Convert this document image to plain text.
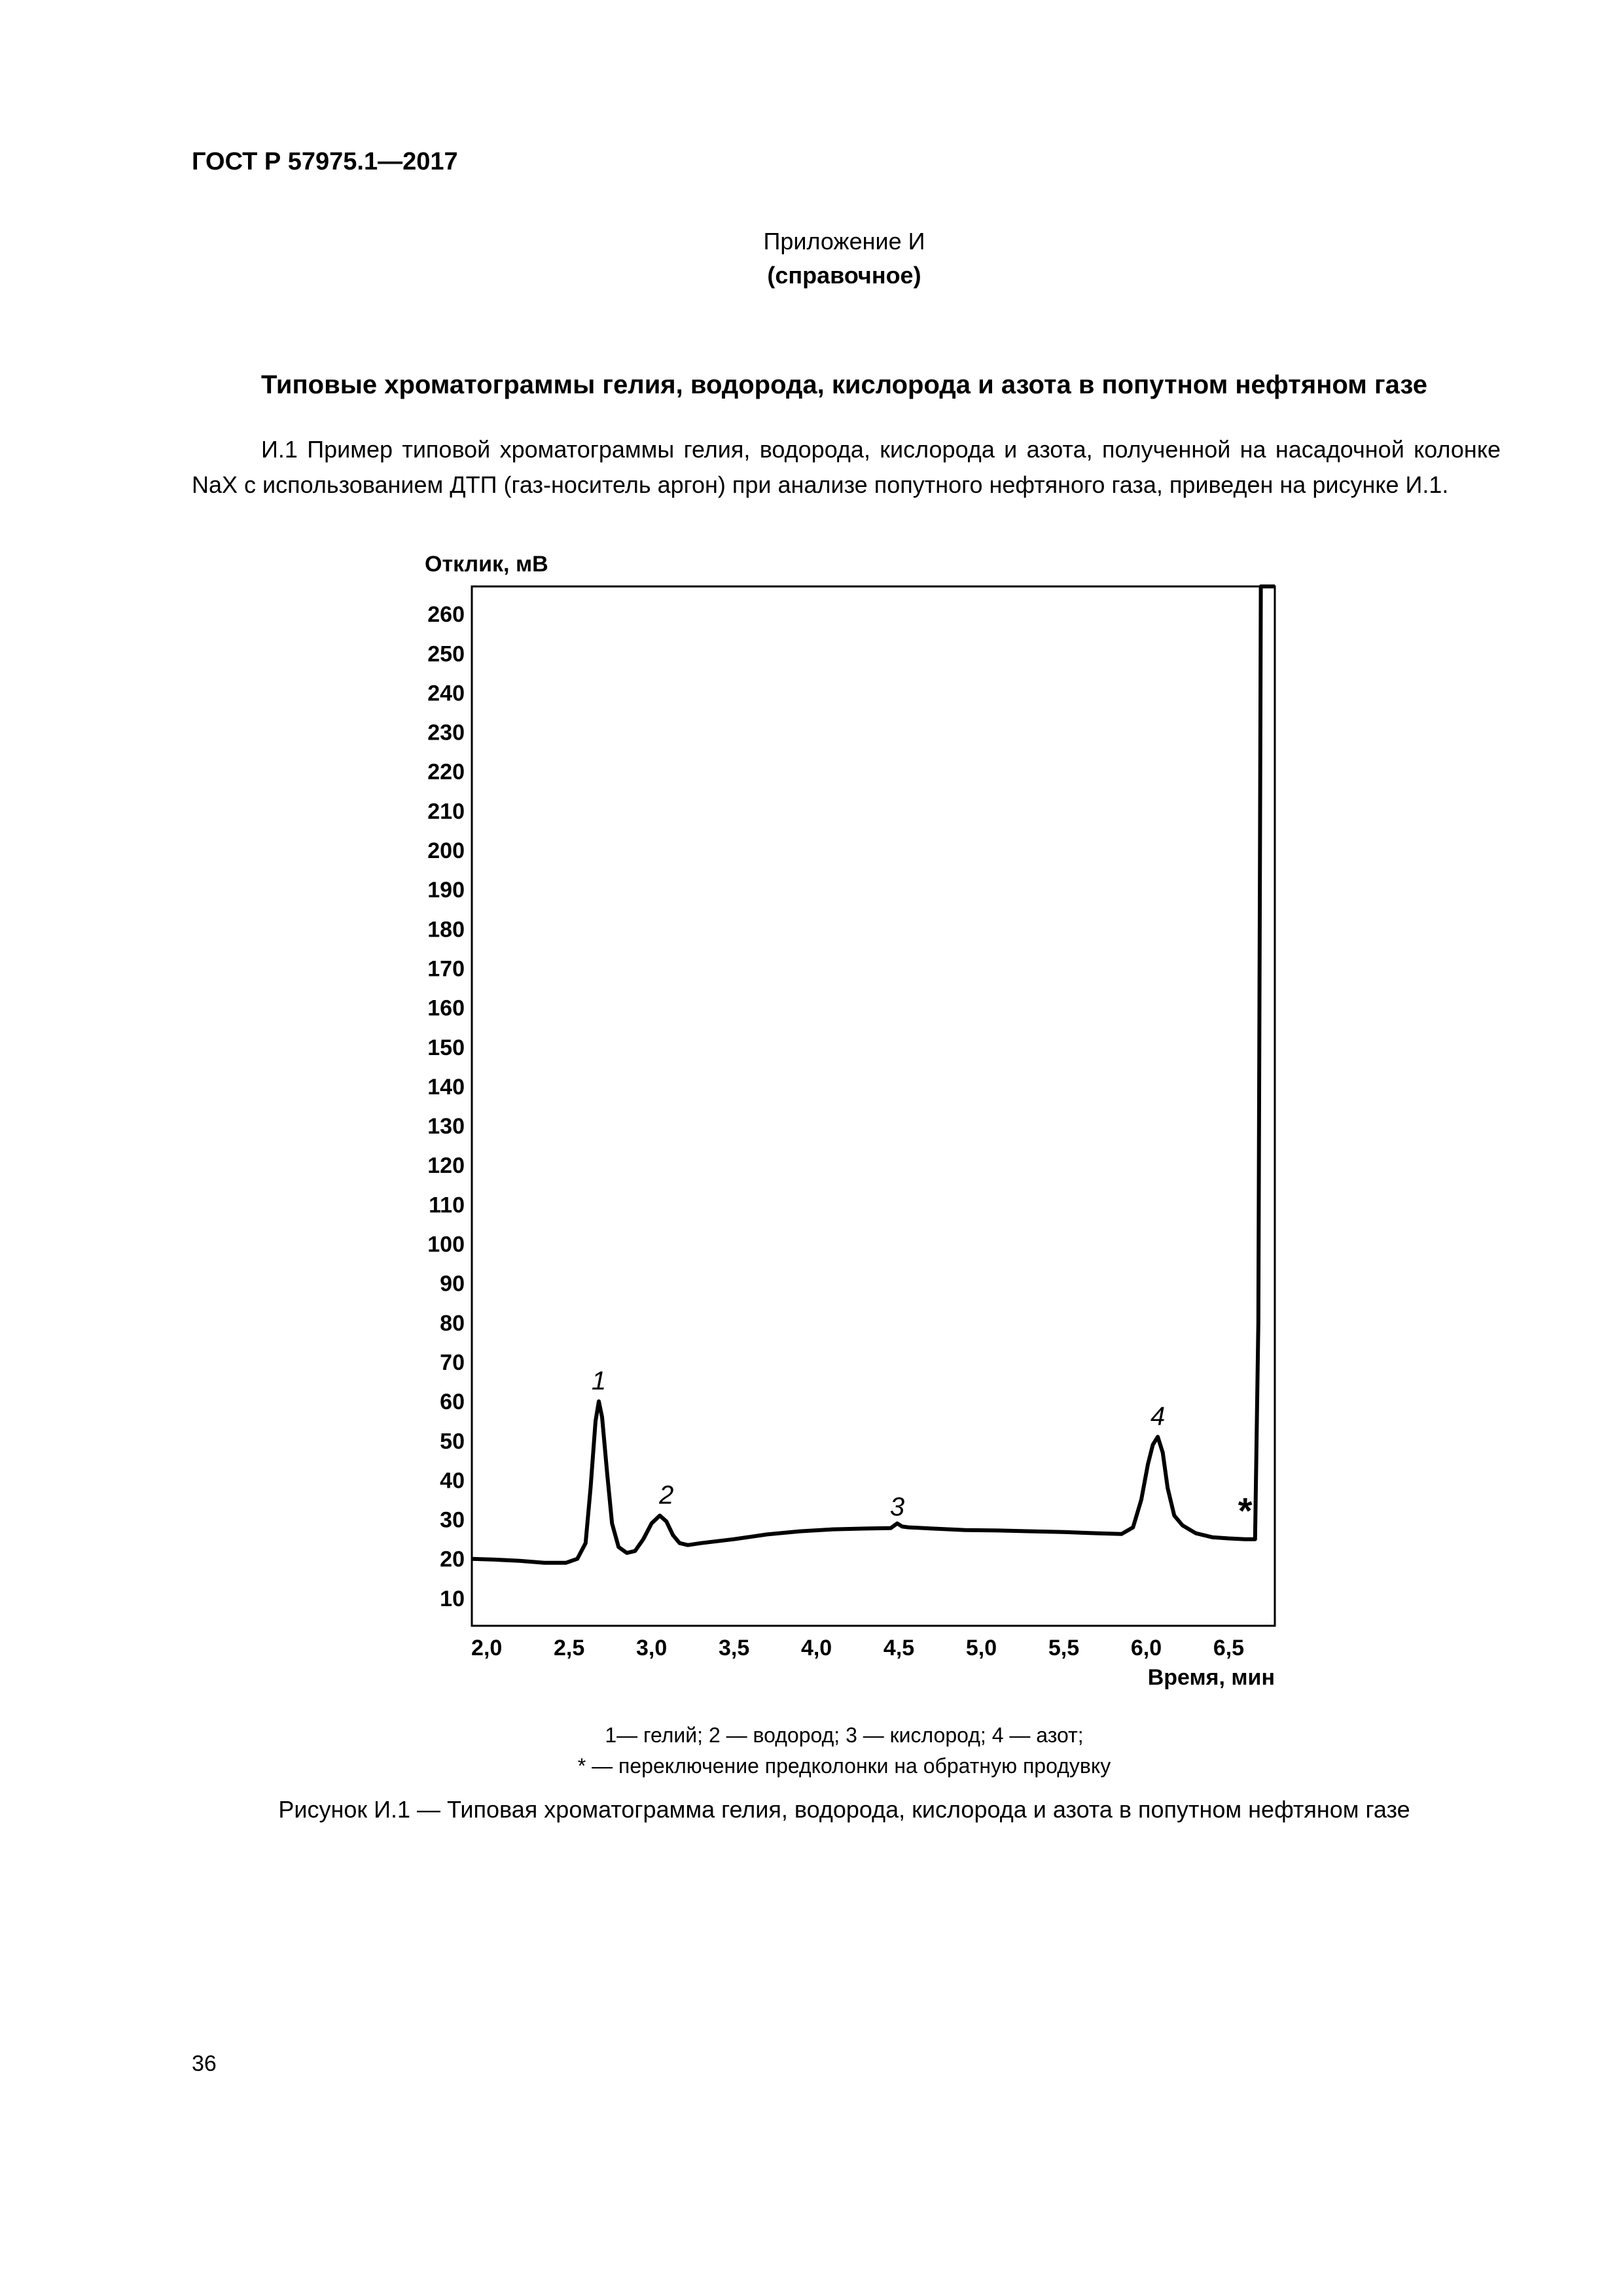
ГОСТ Р 57975.1—2017
Приложение И
(справочное)
Типовые хроматограммы гелия, водорода, кислорода и азота в попутном нефтяном газе
И.1 Пример типовой хроматограммы гелия, водорода, кислорода и азота, полученной на насадочной колонке NaX с использованием ДТП (газ-носитель аргон) при анализе попутного нефтяного газа, приведен на рисунке И.1.
10
20
30
40
50
60
70
80
90
100
110
120
130
140
150
160
170
180
190
200
210
220
230
240
250
260
2,0 2,5 3,0 3,5 4,0 4,5 5,0 5,5 6,0 6,5
Отклик, мВ
Время, мин
1
2	3
4
*
1— гелий; 2 — водород; 3 — кислород; 4 — азот;
* — переключение предколонки на обратную продувку
Рисунок И.1 — Типовая хроматограмма гелия, водорода, кислорода и азота в попутном нефтяном газе
36
